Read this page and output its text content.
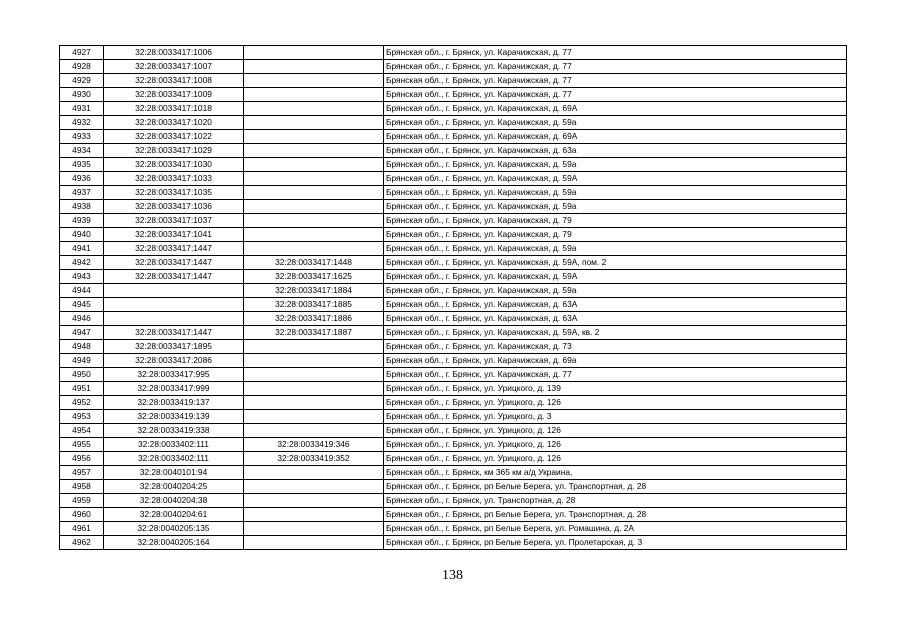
4927	32:28:0033417:1006		Брянская обл., г. Брянск, ул. Карачижская, д. 77
4928	32:28:0033417:1007		Брянская обл., г. Брянск, ул. Карачижская, д. 77
4929	32:28:0033417:1008		Брянская обл., г. Брянск, ул. Карачижская, д. 77
4930	32:28:0033417:1009		Брянская обл., г. Брянск, ул. Карачижская, д. 77
4931	32:28:0033417:1018		Брянская обл., г. Брянск, ул. Карачижская, д. 69А
4932	32:28:0033417:1020		Брянская обл., г. Брянск, ул. Карачижская, д. 59а
4933	32:28:0033417:1022		Брянская обл., г. Брянск, ул. Карачижская, д. 69А
4934	32:28:0033417:1029		Брянская обл., г. Брянск, ул. Карачижская, д. 63а
4935	32:28:0033417:1030		Брянская обл., г. Брянск, ул. Карачижская, д. 59а
4936	32:28:0033417:1033		Брянская обл., г. Брянск, ул. Карачижская, д. 59А
4937	32:28:0033417:1035		Брянская обл., г. Брянск, ул. Карачижская, д. 59а
4938	32:28:0033417:1036		Брянская обл., г. Брянск, ул. Карачижская, д. 59а
4939	32:28:0033417:1037		Брянская обл., г. Брянск, ул. Карачижская, д. 79
4940	32:28:0033417:1041		Брянская обл., г. Брянск, ул. Карачижская, д. 79
4941	32:28:0033417:1447		Брянская обл., г. Брянск, ул. Карачижская, д. 59а
4942	32:28:0033417:1447	32:28:0033417:1448	Брянская обл., г. Брянск, ул. Карачижская, д. 59А, пом. 2
4943	32:28:0033417:1447	32:28:0033417:1625	Брянская обл., г. Брянск, ул. Карачижская, д. 59А
4944		32:28:0033417:1884	Брянская обл., г. Брянск, ул. Карачижская, д. 59а
4945		32:28:0033417:1885	Брянская обл., г. Брянск, ул. Карачижская, д. 63А
4946		32:28:0033417:1886	Брянская обл., г. Брянск, ул. Карачижская, д. 63А
4947	32:28:0033417:1447	32:28:0033417:1887	Брянская обл., г. Брянск, ул. Карачижская, д. 59А, кв. 2
4948	32:28:0033417:1895		Брянская обл., г. Брянск, ул. Карачижская, д. 73
4949	32:28:0033417:2086		Брянская обл., г. Брянск, ул. Карачижская, д. 69а
4950	32:28:0033417:995		Брянская обл., г. Брянск, ул. Карачижская, д. 77
4951	32:28:0033417:999		Брянская обл., г. Брянск, ул. Урицкого, д. 139
4952	32:28:0033419:137		Брянская обл., г. Брянск, ул. Урицкого, д. 126
4953	32:28:0033419:139		Брянская обл., г. Брянск, ул. Урицкого, д. 3
4954	32:28:0033419:338		Брянская обл., г. Брянск, ул. Урицкого, д. 126
4955	32:28:0033402:111	32:28:0033419:346	Брянская обл., г. Брянск, ул. Урицкого, д. 126
4956	32:28:0033402:111	32:28:0033419:352	Брянская обл., г. Брянск, ул. Урицкого, д. 126
4957	32:28:0040101:94		Брянская обл., г. Брянск, км 365 км а/д Украина,
4958	32:28:0040204:25		Брянская обл., г. Брянск, рп Белые Берега, ул. Транспортная, д. 28
4959	32:28:0040204:38		Брянская обл., г. Брянск, ул. Транспортная, д. 28
4960	32:28:0040204:61		Брянская обл., г. Брянск, рп Белые Берега, ул. Транспортная, д. 28
4961	32:28:0040205:135		Брянская обл., г. Брянск, рп Белые Берега, ул. Ромашина, д. 2А
4962	32:28:0040205:164		Брянская обл., г. Брянск, рп Белые Берега, ул. Пролетарская, д. 3
138
